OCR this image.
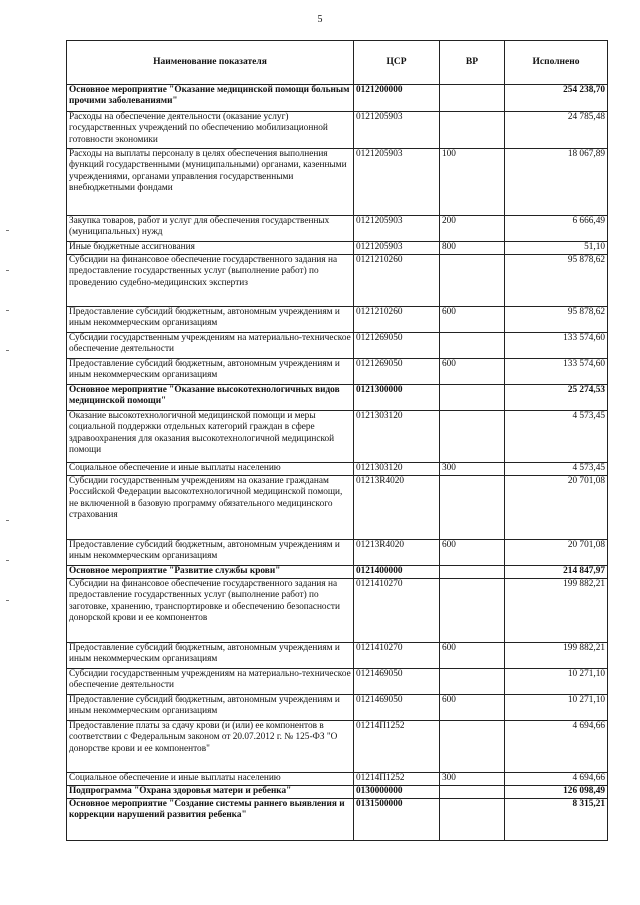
5
Наименование показателя	ЦСР	ВР	Исполнено
Основное мероприятие "Оказание медицинской помощи больным прочими заболеваниями"	0121200000		254 238,70
Расходы на обеспечение деятельности (оказание услуг) государственных учреждений по обеспечению мобилизационной готовности экономики	0121205903		24 785,48
Расходы на выплаты персоналу в целях обеспечения выполнения функций государственными (муниципальными) органами, казенными учреждениями, органами управления государственными внебюджетными фондами	0121205903	100	18 067,89
Закупка товаров, работ и услуг для обеспечения государственных (муниципальных) нужд	0121205903	200	6 666,49
Иные бюджетные ассигнования	0121205903	800	51,10
Субсидии на финансовое обеспечение государственного задания на предоставление государственных услуг (выполнение работ) по проведению судебно-медицинских экспертиз	0121210260		95 878,62
Предоставление субсидий бюджетным, автономным учреждениям и иным некоммерческим организациям	0121210260	600	95 878,62
Субсидии государственным учреждениям на материально-техническое обеспечение деятельности	0121269050		133 574,60
Предоставление субсидий бюджетным, автономным учреждениям и иным некоммерческим организациям	0121269050	600	133 574,60
Основное мероприятие "Оказание высокотехнологичных видов медицинской помощи"	0121300000		25 274,53
Оказание высокотехнологичной медицинской помощи и меры социальной поддержки отдельных категорий граждан в сфере здравоохранения для оказания высокотехнологичной медицинской помощи	0121303120		4 573,45
Социальное обеспечение и иные выплаты населению	0121303120	300	4 573,45
Субсидии государственным учреждениям на оказание гражданам Российской Федерации высокотехнологичной медицинской помощи, не включенной в базовую программу обязательного медицинского страхования	01213R4020		20 701,08
Предоставление субсидий бюджетным, автономным учреждениям и иным некоммерческим организациям	01213R4020	600	20 701,08
Основное мероприятие "Развитие службы крови"	0121400000		214 847,97
Субсидии на финансовое обеспечение государственного задания на предоставление государственных услуг (выполнение работ) по заготовке, хранению, транспортировке и обеспечению безопасности донорской крови и ее компонентов	0121410270		199 882,21
Предоставление субсидий бюджетным, автономным учреждениям и иным некоммерческим организациям	0121410270	600	199 882,21
Субсидии государственным учреждениям на материально-техническое обеспечение деятельности	0121469050		10 271,10
Предоставление субсидий бюджетным, автономным учреждениям и иным некоммерческим организациям	0121469050	600	10 271,10
Предоставление платы за сдачу крови (и (или) ее компонентов в соответствии с Федеральным законом от 20.07.2012 г. № 125-ФЗ "О донорстве крови и ее компонентов"	01214П1252		4 694,66
Социальное обеспечение и иные выплаты населению	01214П1252	300	4 694,66
Подпрограмма "Охрана здоровья матери и ребенка"	0130000000		126 098,49
Основное мероприятие "Создание системы раннего выявления и коррекции нарушений развития ребенка"	0131500000		8 315,21
